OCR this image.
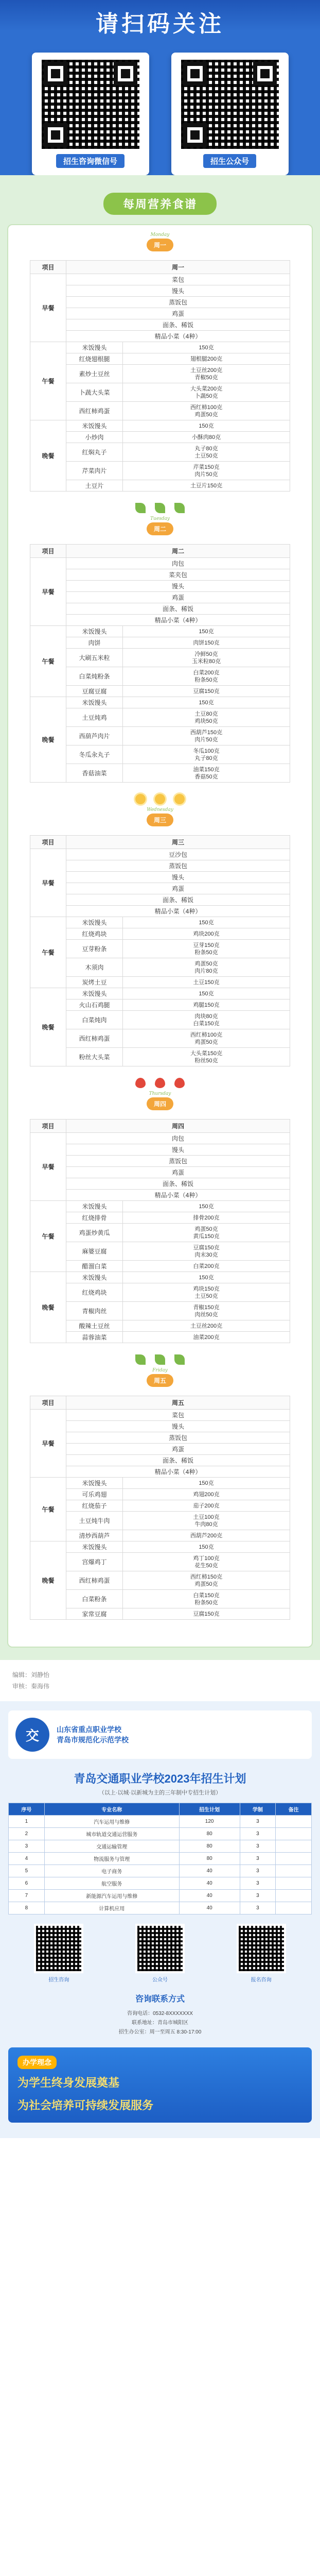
请扫码关注
招生咨询微信号	招生公众号
每周营养食谱
Monday
周一
项目	周一	
早餐	菜包	
	馒头	
	蒸饭包	
	鸡蛋	
	面条、稀饭	
	精品小菜（4种）	
午餐	米饭馒头	150克
	红烧翅根腿	翅根腿200克
	素炒土豆丝	土豆丝200克
青椒50克
	卜蔬大头菜	大头菜200克
卜蔬50克
	西红柿鸡蛋	西红柿100克
鸡蛋50克
晚餐	米饭馒头	150克
	小炒肉	小酥肉80克
	红焖丸子	丸子80克
土豆50克
	芹菜肉片	芹菜150克
肉片50克
	土豆片	土豆片150克
Tuesday
周二
项目	周二	
早餐	肉包	
	菜夹包	
	馒头	
	鸡蛋	
	面条、稀饭	
	精品小菜（4种）	
午餐	米饭馒头	150克
	肉饼	肉饼150克
	大刷五米粒	冷鲜50克
玉米粒80克
	白菜炖粉条	白菜200克
粉条50克
	豆腐豆腐	豆腐150克
晚餐	米饭馒头	150克
	土豆炖鸡	土豆80克
鸡块50克
	西葫芦肉片	西葫芦150克
肉片50克
	冬瓜汆丸子	冬瓜100克
丸子80克
	香菇油菜	油菜150克
香菇50克
Wednesday
周三
项目	周三	
早餐	豆沙包	
	蒸饭包	
	馒头	
	鸡蛋	
	面条、稀饭	
	精品小菜（4种）	
午餐	米饭馒头	150克
	红烧鸡块	鸡块200克
	豆芽粉条	豆芽150克
粉条50克
	木须肉	鸡蛋50克
肉片80克
	炭烤土豆	土豆150克
晚餐	米饭馒头	150克
	火山石鸡腿	鸡腿150克
	白菜炖肉	肉块80克
白菜150克
	西红柿鸡蛋	西红柿100克
鸡蛋50克
	粉丝大头菜	大头菜150克
粉丝50克
Thursday
周四
项目	周四	
早餐	肉包	
	馒头	
	蒸饭包	
	鸡蛋	
	面条、稀饭	
	精品小菜（4种）	
午餐	米饭馒头	150克
	红烧排骨	排骨200克
	鸡蛋炒黄瓜	鸡蛋50克
黄瓜150克
	麻婆豆腐	豆腐150克
肉末30克
	醋溜白菜	白菜200克
晚餐	米饭馒头	150克
	红烧鸡块	鸡块150克
土豆50克
	青椒肉丝	青椒150克
肉丝50克
	酸辣土豆丝	土豆丝200克
	蒜蓉油菜	油菜200克
Friday
周五
项目	周五	
早餐	菜包	
	馒头	
	蒸饭包	
	鸡蛋	
	面条、稀饭	
	精品小菜（4种）	
午餐	米饭馒头	150克
	可乐鸡翅	鸡翅200克
	红烧茄子	茄子200克
	土豆炖牛肉	土豆100克
牛肉80克
	清炒西葫芦	西葫芦200克
晚餐	米饭馒头	150克
	宫爆鸡丁	鸡丁100克
花生50克
	西红柿鸡蛋	西红柿150克
鸡蛋50克
	白菜粉条	白菜150克
粉条50克
	家常豆腐	豆腐150克
编辑：刘静怡
审核：秦海伟
交	山东省重点职业学校
青岛市规范化示范学校
青岛交通职业学校2023年招生计划
（以上·以城·以新城为主的三年制中专招生计划）
序号	专业名称	招生计划	学制	备注
1	汽车运用与维修	120	3	
2	城市轨道交通运营服务	80	3	
3	交通运输管理	80	3	
4	物流服务与管理	80	3	
5	电子商务	40	3	
6	航空服务	40	3	
7	新能源汽车运用与维修	40	3	
8	计算机应用	40	3	
招生咨询	公众号	报名咨询
咨询联系方式
咨询电话：0532-8XXXXXXX
联系地址：青岛市城阳区
招生办公室：周一至周五 8:30-17:00
办学理念
为学生终身发展奠基
为社会培养可持续发展服务
